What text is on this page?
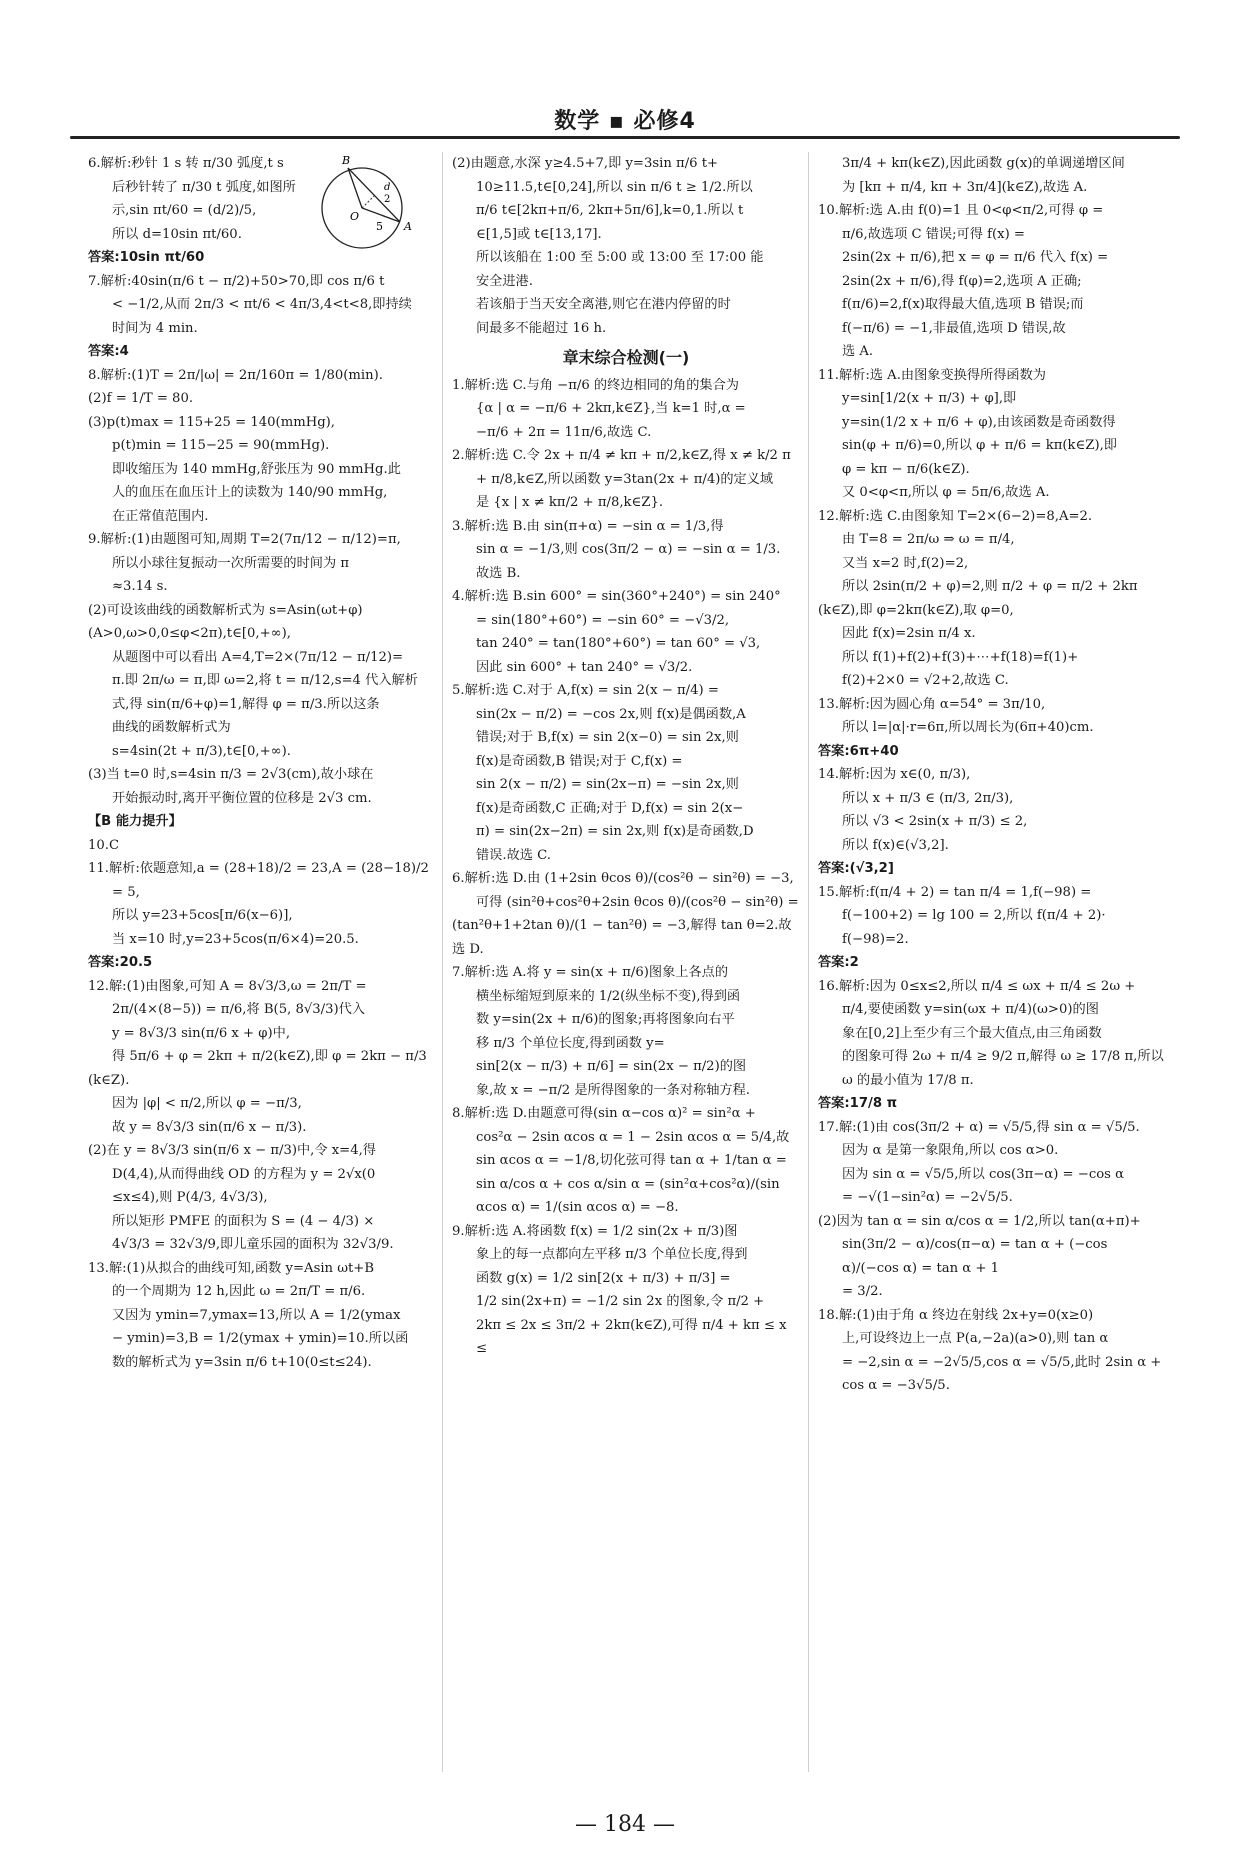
数学 ▪ 必修4
B
O
A
d
2
5
6.解析:秒针 1 s 转 π/30 弧度,t s
后秒针转了 π/30 t 弧度,如图所
示,sin πt/60 = (d/2)/5,
所以 d=10sin πt/60.
答案:10sin πt/60
7.解析:40sin(π/6 t − π/2)+50>70,即 cos π/6 t
< −1/2,从而 2π/3 < πt/6 < 4π/3,4<t<8,即持续
时间为 4 min.
答案:4
8.解析:(1)T = 2π/|ω| = 2π/160π = 1/80(min).
(2)f = 1/T = 80.
(3)p(t)max = 115+25 = 140(mmHg),
p(t)min = 115−25 = 90(mmHg).
即收缩压为 140 mmHg,舒张压为 90 mmHg.此
人的血压在血压计上的读数为 140/90 mmHg,
在正常值范围内.
9.解析:(1)由题图可知,周期 T=2(7π/12 − π/12)=π,
所以小球往复振动一次所需要的时间为 π
≈3.14 s.
(2)可设该曲线的函数解析式为 s=Asin(ωt+φ)
(A>0,ω>0,0≤φ<2π),t∈[0,+∞),
从题图中可以看出 A=4,T=2×(7π/12 − π/12)=
π.即 2π/ω = π,即 ω=2,将 t = π/12,s=4 代入解析
式,得 sin(π/6+φ)=1,解得 φ = π/3.所以这条
曲线的函数解析式为
s=4sin(2t + π/3),t∈[0,+∞).
(3)当 t=0 时,s=4sin π/3 = 2√3(cm),故小球在
开始振动时,离开平衡位置的位移是 2√3 cm.
【B 能力提升】
10.C
11.解析:依题意知,a = (28+18)/2 = 23,A = (28−18)/2
= 5,
所以 y=23+5cos[π/6(x−6)],
当 x=10 时,y=23+5cos(π/6×4)=20.5.
答案:20.5
12.解:(1)由图象,可知 A = 8√3/3,ω = 2π/T =
2π/(4×(8−5)) = π/6,将 B(5, 8√3/3)代入
y = 8√3/3 sin(π/6 x + φ)中,
得 5π/6 + φ = 2kπ + π/2(k∈Z),即 φ = 2kπ − π/3
(k∈Z).
因为 |φ| < π/2,所以 φ = −π/3,
故 y = 8√3/3 sin(π/6 x − π/3).
(2)在 y = 8√3/3 sin(π/6 x − π/3)中,令 x=4,得
D(4,4),从而得曲线 OD 的方程为 y = 2√x(0
≤x≤4),则 P(4/3, 4√3/3),
所以矩形 PMFE 的面积为 S = (4 − 4/3) ×
4√3/3 = 32√3/9,即儿童乐园的面积为 32√3/9.
13.解:(1)从拟合的曲线可知,函数 y=Asin ωt+B
的一个周期为 12 h,因此 ω = 2π/T = π/6.
又因为 ymin=7,ymax=13,所以 A = 1/2(ymax
− ymin)=3,B = 1/2(ymax + ymin)=10.所以函
数的解析式为 y=3sin π/6 t+10(0≤t≤24).
(2)由题意,水深 y≥4.5+7,即 y=3sin π/6 t+
10≥11.5,t∈[0,24],所以 sin π/6 t ≥ 1/2.所以
π/6 t∈[2kπ+π/6, 2kπ+5π/6],k=0,1.所以 t
∈[1,5]或 t∈[13,17].
所以该船在 1:00 至 5:00 或 13:00 至 17:00 能
安全进港.
若该船于当天安全离港,则它在港内停留的时
间最多不能超过 16 h.
章末综合检测(一)
1.解析:选 C.与角 −π/6 的终边相同的角的集合为
{α | α = −π/6 + 2kπ,k∈Z},当 k=1 时,α =
−π/6 + 2π = 11π/6,故选 C.
2.解析:选 C.令 2x + π/4 ≠ kπ + π/2,k∈Z,得 x ≠ k/2 π
+ π/8,k∈Z,所以函数 y=3tan(2x + π/4)的定义域
是 {x | x ≠ kπ/2 + π/8,k∈Z}.
3.解析:选 B.由 sin(π+α) = −sin α = 1/3,得
sin α = −1/3,则 cos(3π/2 − α) = −sin α = 1/3.
故选 B.
4.解析:选 B.sin 600° = sin(360°+240°) = sin 240°
= sin(180°+60°) = −sin 60° = −√3/2,
tan 240° = tan(180°+60°) = tan 60° = √3,
因此 sin 600° + tan 240° = √3/2.
5.解析:选 C.对于 A,f(x) = sin 2(x − π/4) =
sin(2x − π/2) = −cos 2x,则 f(x)是偶函数,A
错误;对于 B,f(x) = sin 2(x−0) = sin 2x,则
f(x)是奇函数,B 错误;对于 C,f(x) =
sin 2(x − π/2) = sin(2x−π) = −sin 2x,则
f(x)是奇函数,C 正确;对于 D,f(x) = sin 2(x−
π) = sin(2x−2π) = sin 2x,则 f(x)是奇函数,D
错误.故选 C.
6.解析:选 D.由 (1+2sin θcos θ)/(cos²θ − sin²θ) = −3,
可得 (sin²θ+cos²θ+2sin θcos θ)/(cos²θ − sin²θ) =
(tan²θ+1+2tan θ)/(1 − tan²θ) = −3,解得 tan θ=2.故选 D.
7.解析:选 A.将 y = sin(x + π/6)图象上各点的
横坐标缩短到原来的 1/2(纵坐标不变),得到函
数 y=sin(2x + π/6)的图象;再将图象向右平
移 π/3 个单位长度,得到函数 y=
sin[2(x − π/3) + π/6] = sin(2x − π/2)的图
象,故 x = −π/2 是所得图象的一条对称轴方程.
8.解析:选 D.由题意可得(sin α−cos α)² = sin²α +
cos²α − 2sin αcos α = 1 − 2sin αcos α = 5/4,故
sin αcos α = −1/8,切化弦可得 tan α + 1/tan α =
sin α/cos α + cos α/sin α = (sin²α+cos²α)/(sin αcos α) = 1/(sin αcos α) = −8.
9.解析:选 A.将函数 f(x) = 1/2 sin(2x + π/3)图
象上的每一点都向左平移 π/3 个单位长度,得到
函数 g(x) = 1/2 sin[2(x + π/3) + π/3] =
1/2 sin(2x+π) = −1/2 sin 2x 的图象,令 π/2 +
2kπ ≤ 2x ≤ 3π/2 + 2kπ(k∈Z),可得 π/4 + kπ ≤ x ≤
3π/4 + kπ(k∈Z),因此函数 g(x)的单调递增区间
为 [kπ + π/4, kπ + 3π/4](k∈Z),故选 A.
10.解析:选 A.由 f(0)=1 且 0<φ<π/2,可得 φ =
π/6,故选项 C 错误;可得 f(x) =
2sin(2x + π/6),把 x = φ = π/6 代入 f(x) =
2sin(2x + π/6),得 f(φ)=2,选项 A 正确;
f(π/6)=2,f(x)取得最大值,选项 B 错误;而
f(−π/6) = −1,非最值,选项 D 错误,故
选 A.
11.解析:选 A.由图象变换得所得函数为
y=sin[1/2(x + π/3) + φ],即
y=sin(1/2 x + π/6 + φ),由该函数是奇函数得
sin(φ + π/6)=0,所以 φ + π/6 = kπ(k∈Z),即
φ = kπ − π/6(k∈Z).
又 0<φ<π,所以 φ = 5π/6,故选 A.
12.解析:选 C.由图象知 T=2×(6−2)=8,A=2.
由 T=8 = 2π/ω ⇒ ω = π/4,
又当 x=2 时,f(2)=2,
所以 2sin(π/2 + φ)=2,则 π/2 + φ = π/2 + 2kπ
(k∈Z),即 φ=2kπ(k∈Z),取 φ=0,
因此 f(x)=2sin π/4 x.
所以 f(1)+f(2)+f(3)+⋯+f(18)=f(1)+
f(2)+2×0 = √2+2,故选 C.
13.解析:因为圆心角 α=54° = 3π/10,
所以 l=|α|·r=6π,所以周长为(6π+40)cm.
答案:6π+40
14.解析:因为 x∈(0, π/3),
所以 x + π/3 ∈ (π/3, 2π/3),
所以 √3 < 2sin(x + π/3) ≤ 2,
所以 f(x)∈(√3,2].
答案:(√3,2]
15.解析:f(π/4 + 2) = tan π/4 = 1,f(−98) =
f(−100+2) = lg 100 = 2,所以 f(π/4 + 2)·
f(−98)=2.
答案:2
16.解析:因为 0≤x≤2,所以 π/4 ≤ ωx + π/4 ≤ 2ω +
π/4,要使函数 y=sin(ωx + π/4)(ω>0)的图
象在[0,2]上至少有三个最大值点,由三角函数
的图象可得 2ω + π/4 ≥ 9/2 π,解得 ω ≥ 17/8 π,所以
ω 的最小值为 17/8 π.
答案:17/8 π
17.解:(1)由 cos(3π/2 + α) = √5/5,得 sin α = √5/5.
因为 α 是第一象限角,所以 cos α>0.
因为 sin α = √5/5,所以 cos(3π−α) = −cos α
= −√(1−sin²α) = −2√5/5.
(2)因为 tan α = sin α/cos α = 1/2,所以 tan(α+π)+
sin(3π/2 − α)/cos(π−α) = tan α + (−cos α)/(−cos α) = tan α + 1
= 3/2.
18.解:(1)由于角 α 终边在射线 2x+y=0(x≥0)
上,可设终边上一点 P(a,−2a)(a>0),则 tan α
= −2,sin α = −2√5/5,cos α = √5/5,此时 2sin α +
cos α = −3√5/5.
— 184 —
